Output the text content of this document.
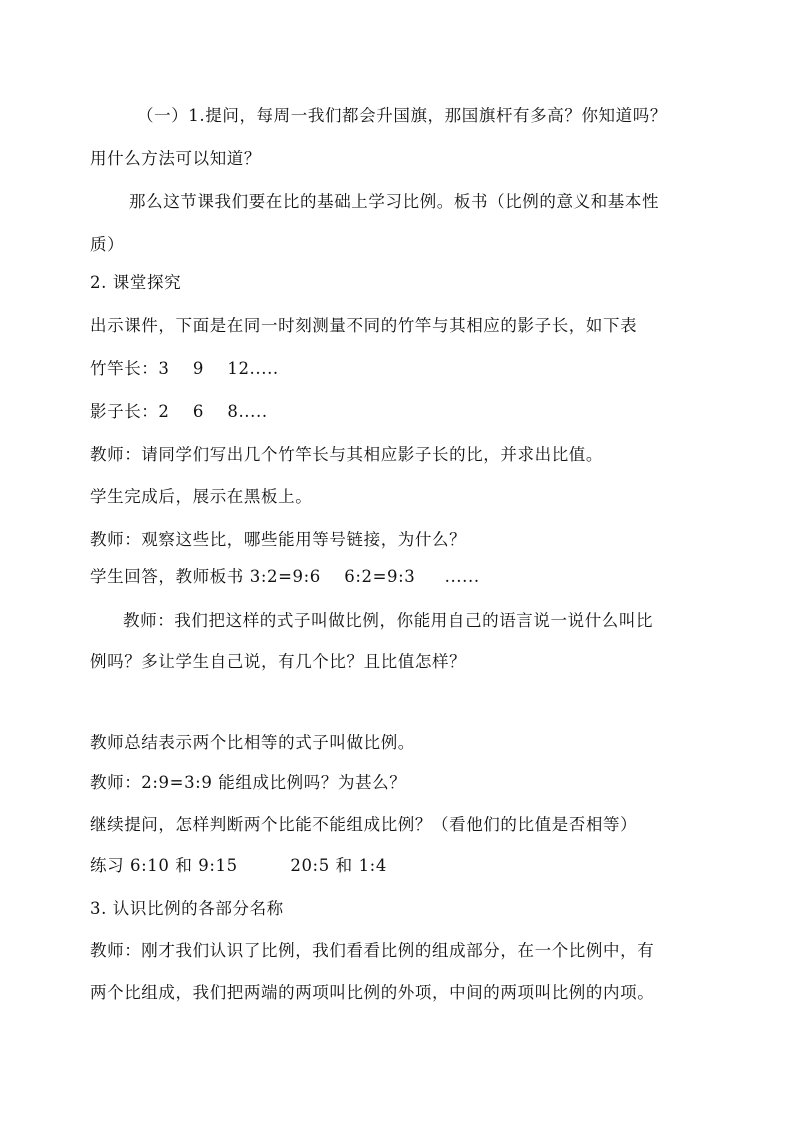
（一）1.提问，每周一我们都会升国旗，那国旗杆有多高？你知道吗？
用什么方法可以知道？
那么这节课我们要在比的基础上学习比例。板书（比例的意义和基本性
质）
2. 课堂探究
出示课件，下面是在同一时刻测量不同的竹竿与其相应的影子长，如下表
竹竿长：3    9    12.....
影子长：2    6    8.....
教师：请同学们写出几个竹竿长与其相应影子长的比，并求出比值。
学生完成后，展示在黑板上。
教师：观察这些比，哪些能用等号链接，为什么？
学生回答，教师板书 3:2=9:6    6:2=9:3     ......
教师：我们把这样的式子叫做比例，你能用自己的语言说一说什么叫比
例吗？多让学生自己说，有几个比？且比值怎样？
教师总结表示两个比相等的式子叫做比例。
教师：2:9=3:9 能组成比例吗？为甚么？
继续提问，怎样判断两个比能不能组成比例？（看他们的比值是否相等）
练习 6:10 和 9:15         20:5 和 1:4
3. 认识比例的各部分名称
教师：刚才我们认识了比例，我们看看比例的组成部分，在一个比例中，有
两个比组成，我们把两端的两项叫比例的外项，中间的两项叫比例的内项。
